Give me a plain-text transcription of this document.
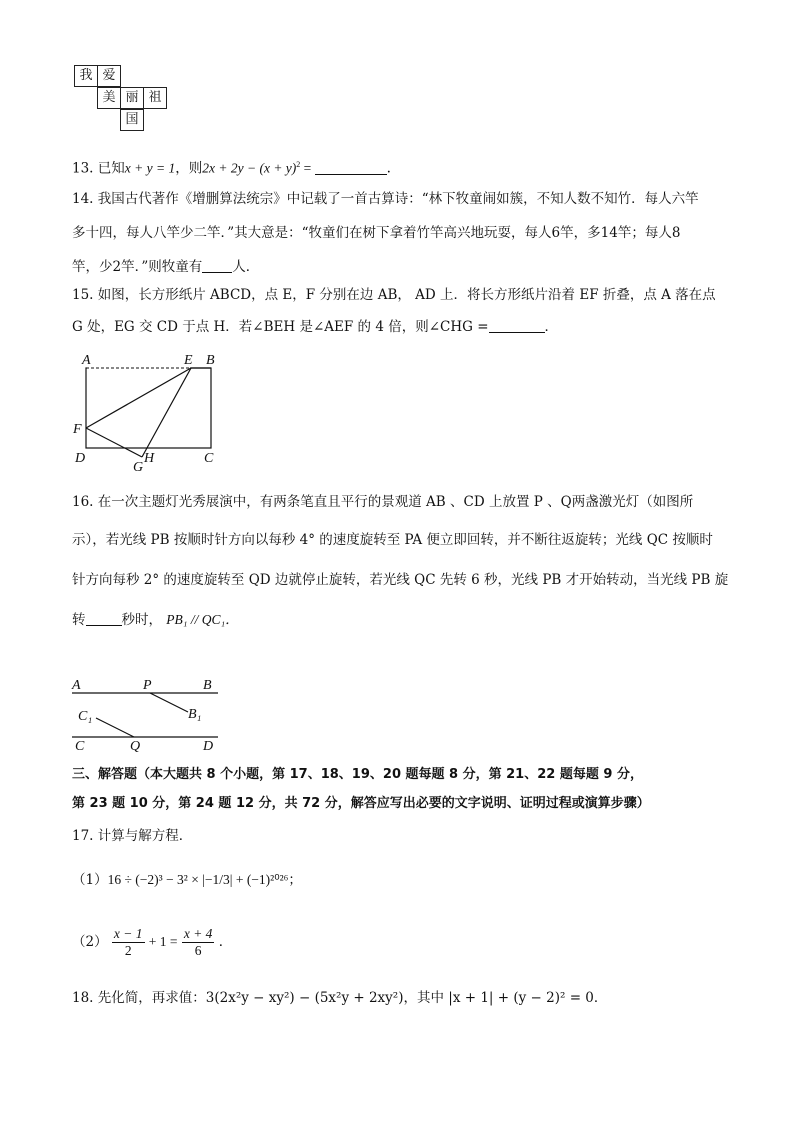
我 爱
美 丽 祖
国
13. 已知x + y = 1，则$2x + 2y - (x + y)^2$ =	.
14. 我国古代著作《增删算法统宗》中记载了一首古算诗：“林下牧童闹如簇，不知人数不知竹．每人六竿
多十四，每人八竿少二竿．”其大意是：“牧童们在树下拿着竹竿高兴地玩耍，每人6竿，多14竿；每人8
竿，少2竿．”则牧童有 人．
15. 如图，长方形纸片 ABCD，点 E，F 分别在边 AB， AD 上．将长方形纸片沿着 EF 折叠，点 A 落在点
G 处，EG 交 CD 于点 H．若∠BEH 是∠AEF 的 4 倍，则∠CHG =	．
A	E B
F
D
G
H	C
16. 在一次主题灯光秀展演中，有两条笔直且平行的景观道 AB 、CD 上放置 P 、Q两盏激光灯（如图所
示），若光线 PB 按顺时针方向以每秒 4° 的速度旋转至 PA 便立即回转，并不断往返旋转；光线 QC 按顺时
针方向每秒 2° 的速度旋转至 QD 边就停止旋转，若光线 QC 先转 6 秒，光线 PB 才开始转动，当光线 PB 旋
转	秒时， PB₁ // QC₁．
A	P	B
C₁	B₁
C	Q	D
三、解答题（本大题共 8 个小题，第 17、18、19、20 题每题 8 分，第 21、22 题每题 9 分，
第 23 题 10 分，第 24 题 12 分，共 72 分，解答应写出必要的文字说明、证明过程或演算步骤）
17. 计算与解方程．
（1）16 ÷ (−2)³ − 3² × |−1/3| + (−1)²⁰²⁶；
$(2) \frac{x - 1}{2} + 1 = \frac{x + 4}{6}$ ．
18. 先化简，再求值：3(2x²y − xy²) − (5x²y + 2xy²)，其中 |x + 1| + (y − 2)² = 0．
